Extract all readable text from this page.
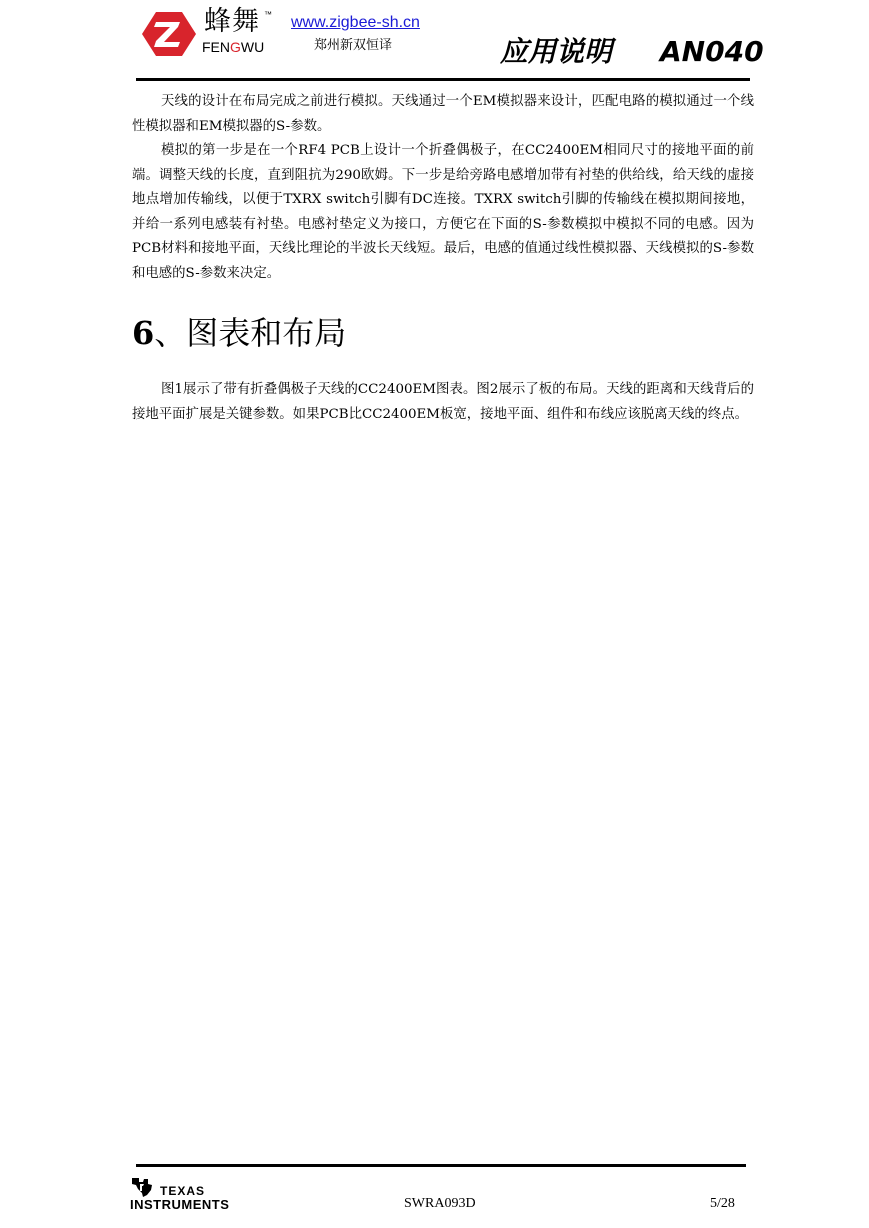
蜂舞 ™
FENGWU
www.zigbee-sh.cn
郑州新双恒译	应用说明 AN040

天线的设计在布局完成之前进行模拟。天线通过一个EM模拟器来设计，匹配电路的模拟通过一个线性模拟器和EM模拟器的S-参数。

模拟的第一步是在一个RF4 PCB上设计一个折叠偶极子，在CC2400EM相同尺寸的接地平面的前端。调整天线的长度，直到阻抗为290欧姆。下一步是给旁路电感增加带有衬垫的供给线，给天线的虚接地点增加传输线，以便于TXRX switch引脚有DC连接。TXRX switch引脚的传输线在模拟期间接地，并给一系列电感装有衬垫。电感衬垫定义为接口，方便它在下面的S-参数模拟中模拟不同的电感。因为PCB材料和接地平面，天线比理论的半波长天线短。最后，电感的值通过线性模拟器、天线模拟的S-参数和电感的S-参数来决定。

6、图表和布局

图1展示了带有折叠偶极子天线的CC2400EM图表。图2展示了板的布局。天线的距离和天线背后的接地平面扩展是关键参数。如果PCB比CC2400EM板宽，接地平面、组件和布线应该脱离天线的终点。

TEXAS
INSTRUMENTS	SWRA093D	5/28
